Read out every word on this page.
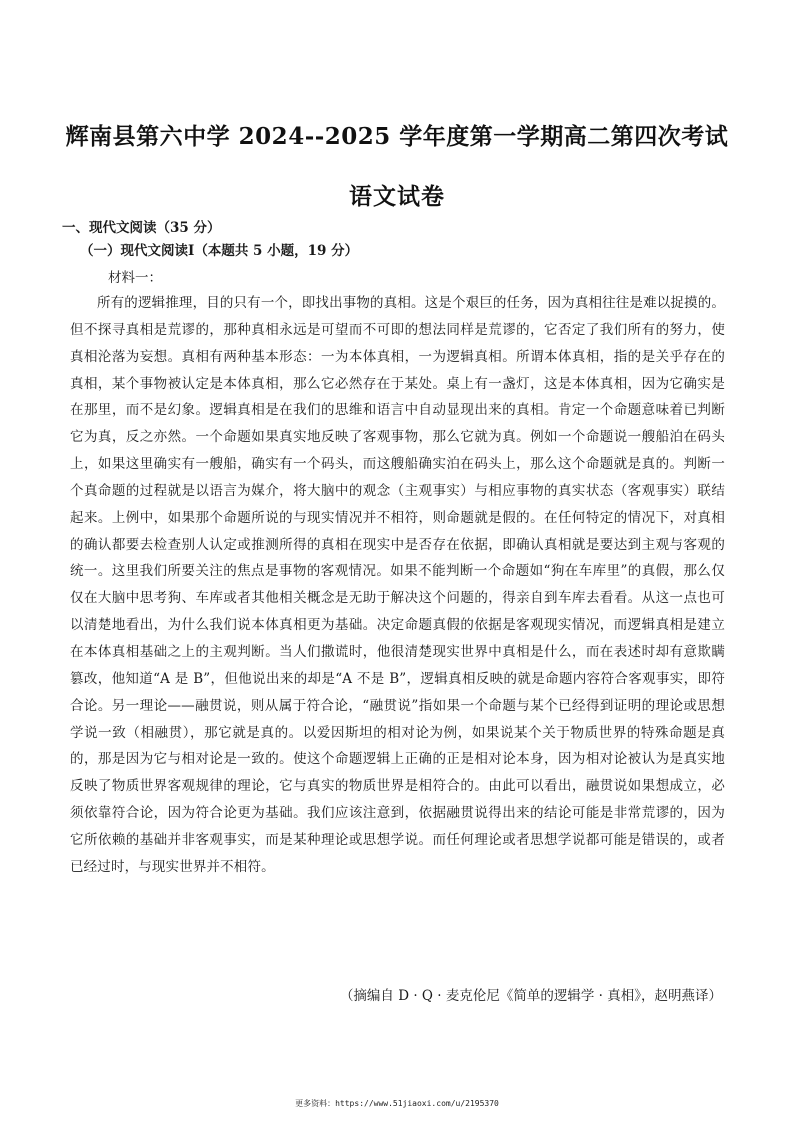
辉南县第六中学 2024--2025 学年度第一学期高二第四次考试
语文试卷
一、现代文阅读（35 分）
（一）现代文阅读Ⅰ（本题共 5 小题，19 分）
材料一：

所有的逻辑推理，目的只有一个，即找出事物的真相。这是个艰巨的任务，因为真相往往是难以捉摸的。但不探寻真相是荒谬的，那种真相永远是可望而不可即的想法同样是荒谬的，它否定了我们所有的努力，使真相沦落为妄想。真相有两种基本形态：一为本体真相，一为逻辑真相。所谓本体真相，指的是关乎存在的真相，某个事物被认定是本体真相，那么它必然存在于某处。桌上有一盏灯，这是本体真相，因为它确实是在那里，而不是幻象。逻辑真相是在我们的思维和语言中自动显现出来的真相。肯定一个命题意味着已判断它为真，反之亦然。一个命题如果真实地反映了客观事物，那么它就为真。例如一个命题说一艘船泊在码头上，如果这里确实有一艘船，确实有一个码头，而这艘船确实泊在码头上，那么这个命题就是真的。判断一个真命题的过程就是以语言为媒介，将大脑中的观念（主观事实）与相应事物的真实状态（客观事实）联结起来。上例中，如果那个命题所说的与现实情况并不相符，则命题就是假的。在任何特定的情况下，对真相的确认都要去检查别人认定或推测所得的真相在现实中是否存在依据，即确认真相就是要达到主观与客观的统一。这里我们所要关注的焦点是事物的客观情况。如果不能判断一个命题如“狗在车库里”的真假，那么仅仅在大脑中思考狗、车库或者其他相关概念是无助于解决这个问题的，得亲自到车库去看看。从这一点也可以清楚地看出，为什么我们说本体真相更为基础。决定命题真假的依据是客观现实情况，而逻辑真相是建立在本体真相基础之上的主观判断。当人们撒谎时，他很清楚现实世界中真相是什么，而在表述时却有意欺瞒篡改，他知道“A 是 B”，但他说出来的却是“A 不是 B”，逻辑真相反映的就是命题内容符合客观事实，即符合论。另一理论——融贯说，则从属于符合论，“融贯说”指如果一个命题与某个已经得到证明的理论或思想学说一致（相融贯），那它就是真的。以爱因斯坦的相对论为例，如果说某个关于物质世界的特殊命题是真的，那是因为它与相对论是一致的。使这个命题逻辑上正确的正是相对论本身，因为相对论被认为是真实地反映了物质世界客观规律的理论，它与真实的物质世界是相符合的。由此可以看出，融贯说如果想成立，必须依靠符合论，因为符合论更为基础。我们应该注意到，依据融贯说得出来的结论可能是非常荒谬的，因为它所依赖的基础并非客观事实，而是某种理论或思想学说。而任何理论或者思想学说都可能是错误的，或者已经过时，与现实世界并不相符。

（摘编自 D · Q · 麦克伦尼《简单的逻辑学 · 真相》，赵明燕译）
更多资料：https://www.51jiaoxi.com/u/2195370
